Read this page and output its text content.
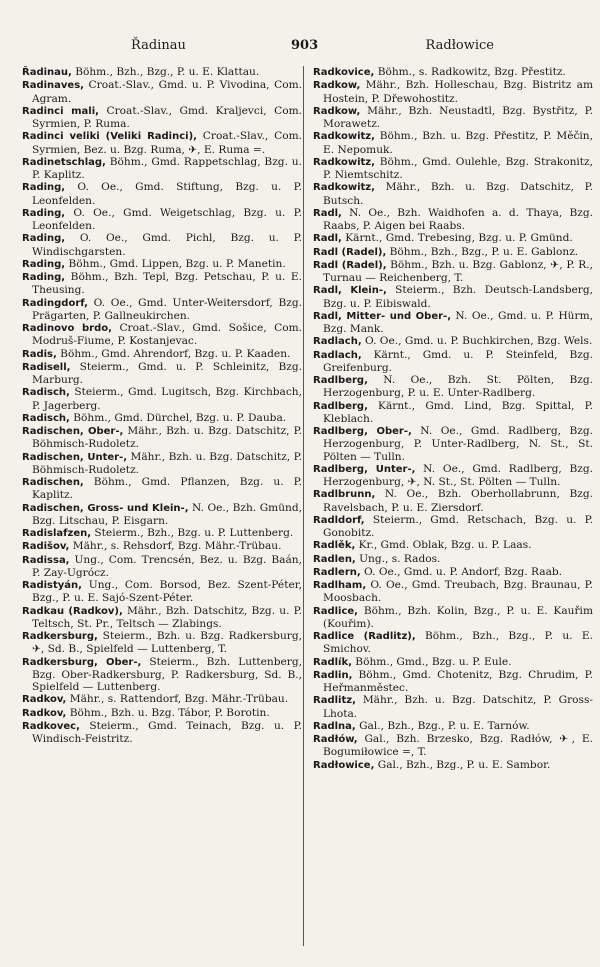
Řadinau	903	Radłowice

Řadinau, Böhm., Bzh., Bzg., P. u. E. Klattau.

Radinaves, Croat.-Slav., Gmd. u. P. Vivodina, Com. Agram.

Radinci mali, Croat.-Slav., Gmd. Kraljevci, Com. Syrmien, P. Ruma.

Radinci veliki (Veliki Radinci), Croat.-Slav., Com. Syrmien, Bez. u. Bzg. Ruma, ✈, E. Ruma =.

Radinetschlag, Böhm., Gmd. Rappetschlag, Bzg. u. P. Kaplitz.

Rading, O. Oe., Gmd. Stiftung, Bzg. u. P. Leonfelden.

Rading, O. Oe., Gmd. Weigetschlag, Bzg. u. P. Leonfelden.

Rading, O. Oe., Gmd. Pichl, Bzg. u. P. Windischgarsten.

Rading, Böhm., Gmd. Lippen, Bzg. u. P. Manetin.

Rading, Böhm., Bzh. Tepl, Bzg. Petschau, P. u. E. Theusing.

Radingdorf, O. Oe., Gmd. Unter-Weitersdorf, Bzg. Prägarten, P. Gallneukirchen.

Radinovo brdo, Croat.-Slav., Gmd. Sošice, Com. Modruš-Fiume, P. Kostanjevac.

Radis, Böhm., Gmd. Ahrendorf, Bzg. u. P. Kaaden.

Radisell, Steierm., Gmd. u. P. Schleinitz, Bzg. Marburg.

Radisch, Steierm., Gmd. Lugitsch, Bzg. Kirchbach, P. Jagerberg.

Radisch, Böhm., Gmd. Dürchel, Bzg. u. P. Dauba.

Radischen, Ober-, Mähr., Bzh. u. Bzg. Datschitz, P. Böhmisch-Rudoletz.

Radischen, Unter-, Mähr., Bzh. u. Bzg. Datschitz, P. Böhmisch-Rudoletz.

Radischen, Böhm., Gmd. Pflanzen, Bzg. u. P. Kaplitz.

Radischen, Gross- und Klein-, N. Oe., Bzh. Gmünd, Bzg. Litschau, P. Eisgarn.

Radislafzen, Steierm., Bzh., Bzg. u. P. Luttenberg.

Radišov, Mähr., s. Rehsdorf, Bzg. Mähr.-Trübau.

Radissa, Ung., Com. Trencsén, Bez. u. Bzg. Baán, P. Zay-Ugrócz.

Radistyán, Ung., Com. Borsod, Bez. Szent-Péter, Bzg., P. u. E. Sajó-Szent-Péter.

Radkau (Radkov), Mähr., Bzh. Datschitz, Bzg. u. P. Teltsch, St. Pr., Teltsch — Zlabings.

Radkersburg, Steierm., Bzh. u. Bzg. Radkersburg, ✈, Sd. B., Spielfeld — Luttenberg, T.

Radkersburg, Ober-, Steierm., Bzh. Luttenberg, Bzg. Ober-Radkersburg, P. Radkersburg, Sd. B., Spielfeld — Luttenberg.

Radkov, Mähr., s. Rattendorf, Bzg. Mähr.-Trübau.

Radkov, Böhm., Bzh. u. Bzg. Tábor, P. Borotin.

Radkovec, Steierm., Gmd. Teinach, Bzg. u. P. Windisch-Feistritz.

Radkovice, Böhm., s. Radkowitz, Bzg. Přestitz.

Radkow, Mähr., Bzh. Holleschau, Bzg. Bistritz am Hostein, P. Dřewohostitz.

Radkow, Mähr., Bzh. Neustadtl, Bzg. Bystřitz, P. Morawetz.

Radkowitz, Böhm., Bzh. u. Bzg. Přestitz, P. Měčin, E. Nepomuk.

Radkowitz, Böhm., Gmd. Oulehle, Bzg. Strakonitz, P. Niemtschitz.

Radkowitz, Mähr., Bzh. u. Bzg. Datschitz, P. Butsch.

Radl, N. Oe., Bzh. Waidhofen a. d. Thaya, Bzg. Raabs, P. Aigen bei Raabs.

Radl, Kärnt., Gmd. Trebesing, Bzg. u. P. Gmünd.

Radl (Radel), Böhm., Bzh., Bzg., P. u. E. Gablonz.

Radl (Radel), Böhm., Bzh. u. Bzg. Gablonz, ✈, P. R., Turnau — Reichenberg, T.

Radl, Klein-, Steierm., Bzh. Deutsch-Landsberg, Bzg. u. P. Eibiswald.

Radl, Mitter- und Ober-, N. Oe., Gmd. u. P. Hürm, Bzg. Mank.

Radlach, O. Oe., Gmd. u. P. Buchkirchen, Bzg. Wels.

Radlach, Kärnt., Gmd. u. P. Steinfeld, Bzg. Greifenburg.

Radlberg, N. Oe., Bzh. St. Pölten, Bzg. Herzogenburg, P. u. E. Unter-Radlberg.

Radlberg, Kärnt., Gmd. Lind, Bzg. Spittal, P. Kleblach.

Radlberg, Ober-, N. Oe., Gmd. Radlberg, Bzg. Herzogenburg, P. Unter-Radlberg, N. St., St. Pölten — Tulln.

Radlberg, Unter-, N. Oe., Gmd. Radlberg, Bzg. Herzogenburg, ✈, N. St., St. Pölten — Tulln.

Radlbrunn, N. Oe., Bzh. Oberhollabrunn, Bzg. Ravelsbach, P. u. E. Ziersdorf.

Radldorf, Steierm., Gmd. Retschach, Bzg. u. P. Gonobitz.

Radlěk, Kr., Gmd. Oblak, Bzg. u. P. Laas.

Radlen, Ung., s. Rados.

Radlern, O. Oe., Gmd. u. P. Andorf, Bzg. Raab.

Radlham, O. Oe., Gmd. Treubach, Bzg. Braunau, P. Moosbach.

Radlice, Böhm., Bzh. Kolin, Bzg., P. u. E. Kauřim (Kouřim).

Radlice (Radlitz), Böhm., Bzh., Bzg., P. u. E. Smichov.

Radlík, Böhm., Gmd., Bzg. u. P. Eule.

Radlin, Böhm., Gmd. Chotenitz, Bzg. Chrudim, P. Heřmanměstec.

Radlitz, Mähr., Bzh. u. Bzg. Datschitz, P. Gross-Lhota.

Radlna, Gal., Bzh., Bzg., P. u. E. Tarnów.

Radłów, Gal., Bzh. Brzesko, Bzg. Radłów, ✈, E. Bogumiłowice =, T.

Radłowice, Gal., Bzh., Bzg., P. u. E. Sambor.
